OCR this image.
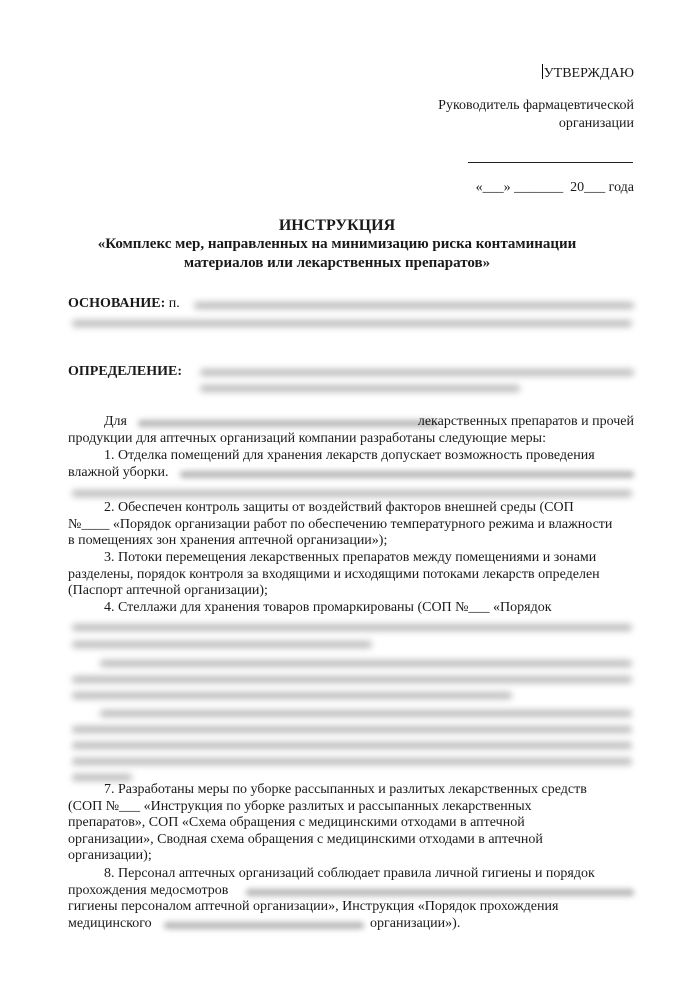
УТВЕРЖДАЮ
Руководитель фармацевтической
организации
«___» _______  20___ года
ИНСТРУКЦИЯ
«Комплекс мер, направленных на минимизацию риска контаминации
материалов или лекарственных препаратов»
ОСНОВАНИЕ: п.
ОПРЕДЕЛЕНИЕ:
Для	лекарственных препаратов и прочей
продукции для аптечных организаций компании разработаны следующие меры:
1. Отделка помещений для хранения лекарств допускает возможность проведения
влажной уборки.
2. Обеспечен контроль защиты от воздействий факторов внешней среды (СОП
№____ «Порядок организации работ по обеспечению температурного режима и влажности
в помещениях зон хранения аптечной организации»);
3. Потоки перемещения лекарственных препаратов между помещениями и зонами
разделены, порядок контроля за входящими и исходящими потоками лекарств определен
(Паспорт аптечной организации);
4. Стеллажи для хранения товаров промаркированы (СОП №___ «Порядок
7. Разработаны меры по уборке рассыпанных и разлитых лекарственных средств
(СОП №___ «Инструкция по уборке разлитых и рассыпанных лекарственных
препаратов», СОП «Схема обращения с медицинскими отходами в аптечной
организации», Сводная схема обращения с медицинскими отходами в аптечной
организации);
8. Персонал аптечных организаций соблюдает правила личной гигиены и порядок
прохождения медосмотров
гигиены персоналом аптечной организации», Инструкция «Порядок прохождения
медицинского	организации»).
